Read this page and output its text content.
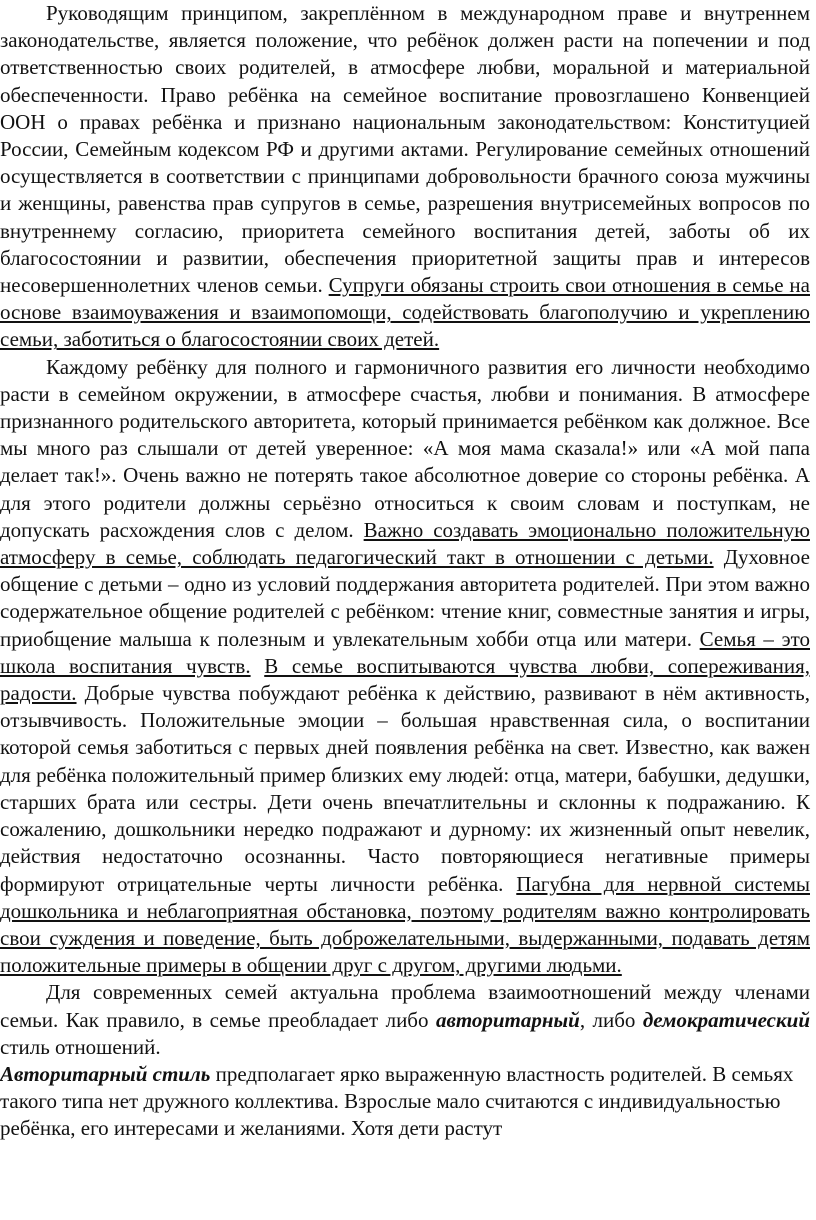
Руководящим принципом, закреплённом в международном праве и внутреннем законодательстве, является положение, что ребёнок должен расти на попечении и под ответственностью своих родителей, в атмосфере любви, моральной и материальной обеспеченности. Право ребёнка на семейное воспитание провозглашено Конвенцией ООН о правах ребёнка и признано национальным законодательством: Конституцией России, Семейным кодексом РФ и другими актами. Регулирование семейных отношений осуществляется в соответствии с принципами добровольности брачного союза мужчины и женщины, равенства прав супругов в семье, разрешения внутрисемейных вопросов по внутреннему согласию, приоритета семейного воспитания детей, заботы об их благосостоянии и развитии, обеспечения приоритетной защиты прав и интересов несовершеннолетних членов семьи. Супруги обязаны строить свои отношения в семье на основе взаимоуважения и взаимопомощи, содействовать благополучию и укреплению семьи, заботиться о благосостоянии своих детей.

Каждому ребёнку для полного и гармоничного развития его личности необходимо расти в семейном окружении, в атмосфере счастья, любви и понимания. В атмосфере признанного родительского авторитета, который принимается ребёнком как должное. Все мы много раз слышали от детей уверенное: «А моя мама сказала!» или «А мой папа делает так!». Очень важно не потерять такое абсолютное доверие со стороны ребёнка. А для этого родители должны серьёзно относиться к своим словам и поступкам, не допускать расхождения слов с делом. Важно создавать эмоционально положительную атмосферу в семье, соблюдать педагогический такт в отношении с детьми. Духовное общение с детьми – одно из условий поддержания авторитета родителей. При этом важно содержательное общение родителей с ребёнком: чтение книг, совместные занятия и игры, приобщение малыша к полезным и увлекательным хобби отца или матери. Семья – это школа воспитания чувств. В семье воспитываются чувства любви, сопереживания, радости. Добрые чувства побуждают ребёнка к действию, развивают в нём активность, отзывчивость. Положительные эмоции – большая нравственная сила, о воспитании которой семья заботиться с первых дней появления ребёнка на свет. Известно, как важен для ребёнка положительный пример близких ему людей: отца, матери, бабушки, дедушки, старших брата или сестры. Дети очень впечатлительны и склонны к подражанию. К сожалению, дошкольники нередко подражают и дурному: их жизненный опыт невелик, действия недостаточно осознанны. Часто повторяющиеся негативные примеры формируют отрицательные черты личности ребёнка. Пагубна для нервной системы дошкольника и неблагоприятная обстановка, поэтому родителям важно контролировать свои суждения и поведение, быть доброжелательными, выдержанными, подавать детям положительные примеры в общении друг с другом, другими людьми.

Для современных семей актуальна проблема взаимоотношений между членами семьи. Как правило, в семье преобладает либо авторитарный, либо демократический стиль отношений.

Авторитарный стиль предполагает ярко выраженную властность родителей. В семьях такого типа нет дружного коллектива. Взрослые мало считаются с индивидуальностью ребёнка, его интересами и желаниями. Хотя дети растут
